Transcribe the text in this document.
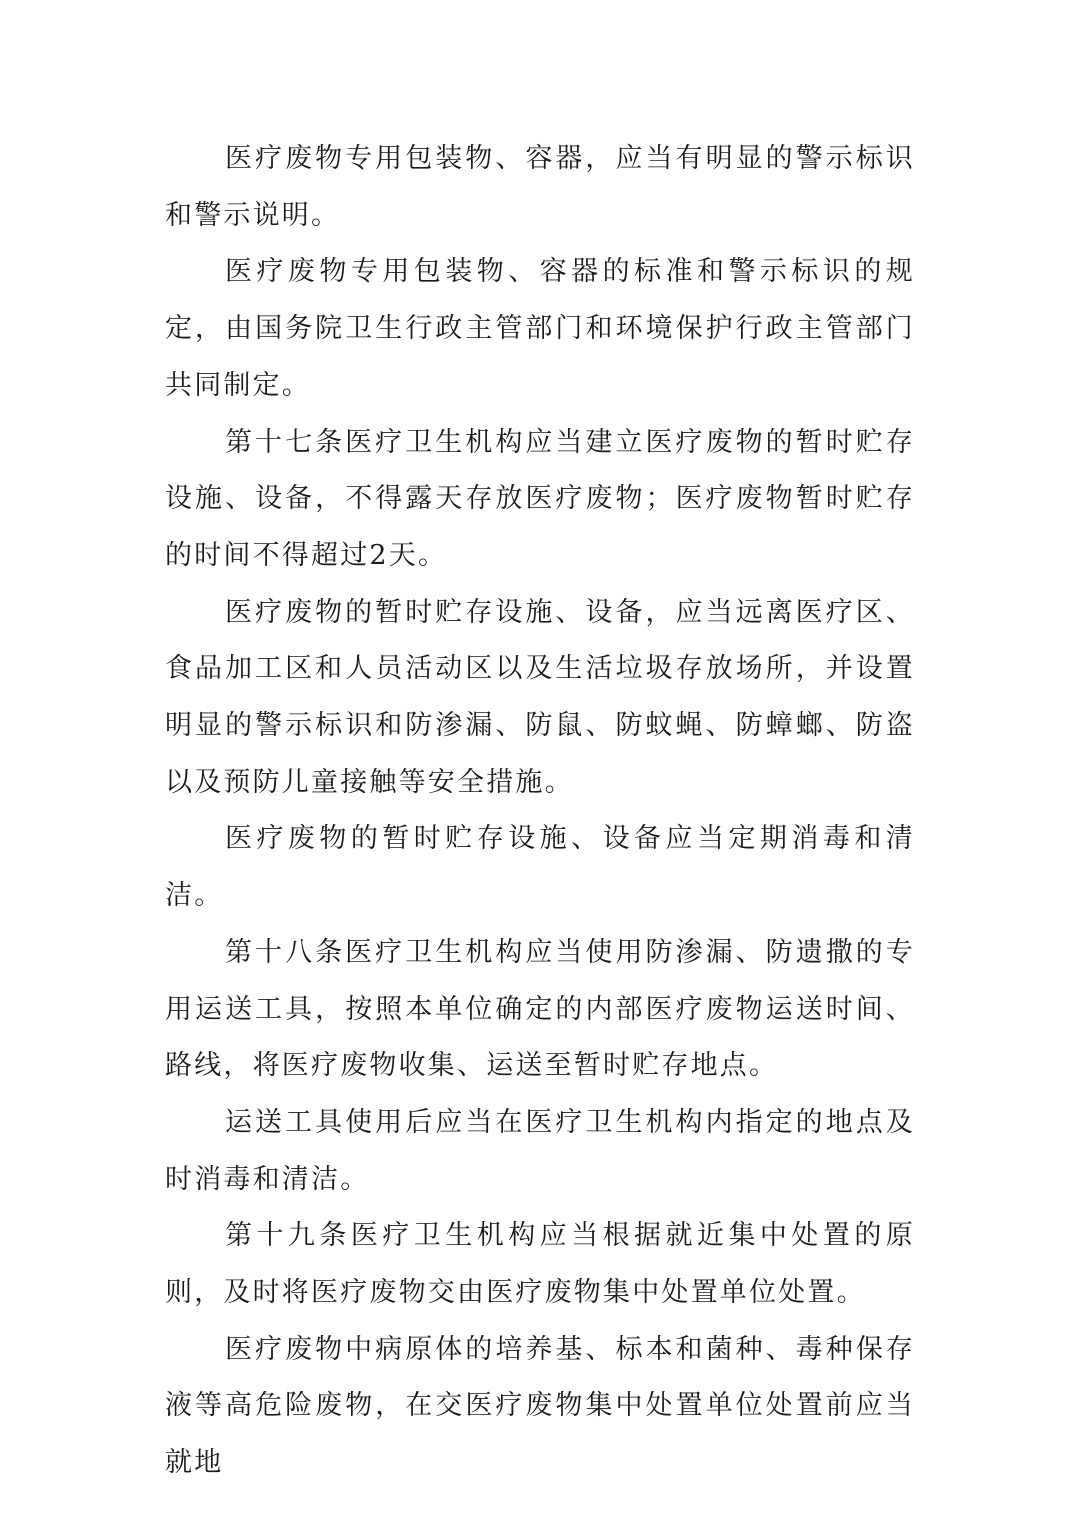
医疗废物专用包装物、容器，应当有明显的警示标识和警示说明。

医疗废物专用包装物、容器的标准和警示标识的规定，由国务院卫生行政主管部门和环境保护行政主管部门共同制定。

第十七条医疗卫生机构应当建立医疗废物的暂时贮存设施、设备，不得露天存放医疗废物；医疗废物暂时贮存的时间不得超过2天。

医疗废物的暂时贮存设施、设备，应当远离医疗区、食品加工区和人员活动区以及生活垃圾存放场所，并设置明显的警示标识和防渗漏、防鼠、防蚊蝇、防蟑螂、防盗以及预防儿童接触等安全措施。

医疗废物的暂时贮存设施、设备应当定期消毒和清洁。

第十八条医疗卫生机构应当使用防渗漏、防遗撒的专用运送工具，按照本单位确定的内部医疗废物运送时间、路线，将医疗废物收集、运送至暂时贮存地点。

运送工具使用后应当在医疗卫生机构内指定的地点及时消毒和清洁。

第十九条医疗卫生机构应当根据就近集中处置的原则，及时将医疗废物交由医疗废物集中处置单位处置。

医疗废物中病原体的培养基、标本和菌种、毒种保存液等高危险废物，在交医疗废物集中处置单位处置前应当就地
